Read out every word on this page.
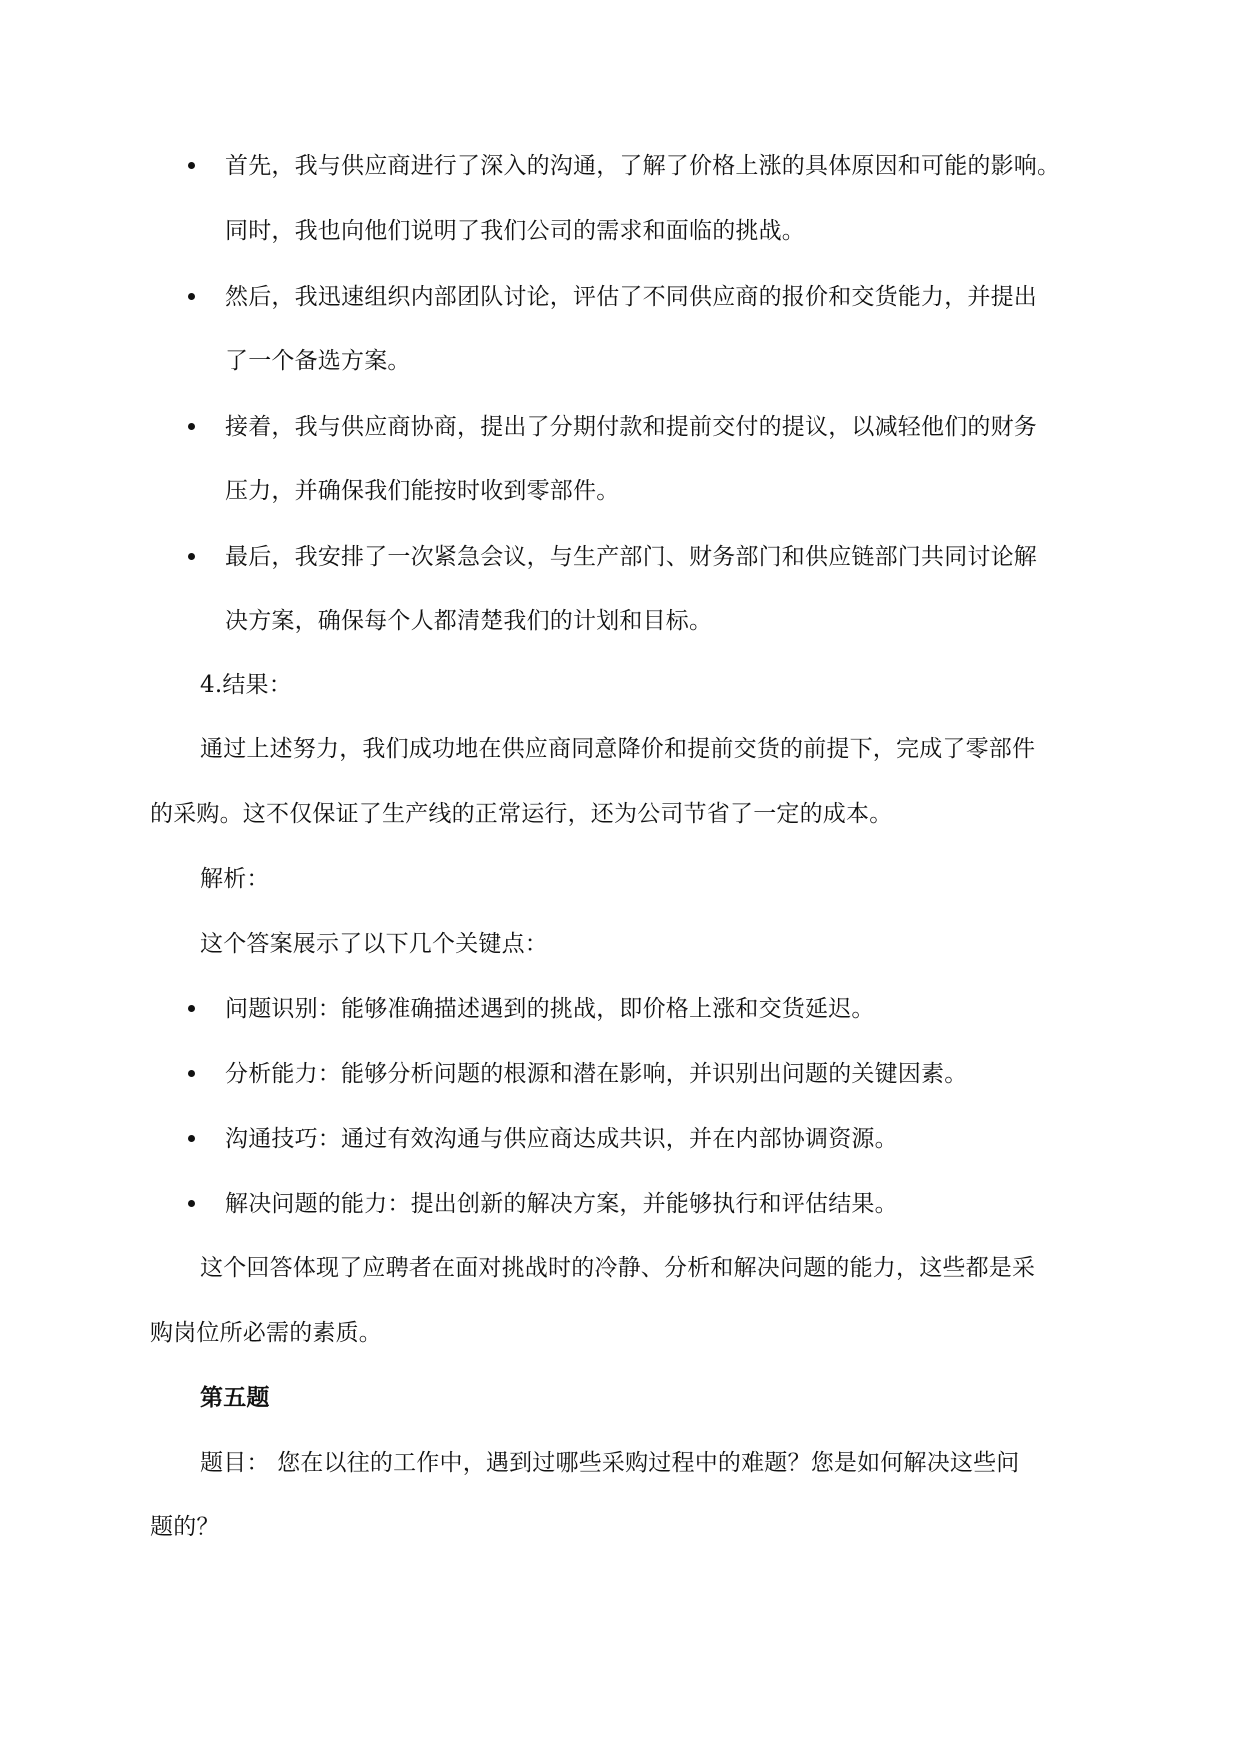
首先，我与供应商进行了深入的沟通，了解了价格上涨的具体原因和可能的影响。
同时，我也向他们说明了我们公司的需求和面临的挑战。
然后，我迅速组织内部团队讨论，评估了不同供应商的报价和交货能力，并提出
了一个备选方案。
接着，我与供应商协商，提出了分期付款和提前交付的提议，以减轻他们的财务
压力，并确保我们能按时收到零部件。
最后，我安排了一次紧急会议，与生产部门、财务部门和供应链部门共同讨论解
决方案，确保每个人都清楚我们的计划和目标。
4.结果：
通过上述努力，我们成功地在供应商同意降价和提前交货的前提下，完成了零部件
的采购。这不仅保证了生产线的正常运行，还为公司节省了一定的成本。
解析：
这个答案展示了以下几个关键点：
问题识别：能够准确描述遇到的挑战，即价格上涨和交货延迟。
分析能力：能够分析问题的根源和潜在影响，并识别出问题的关键因素。
沟通技巧：通过有效沟通与供应商达成共识，并在内部协调资源。
解决问题的能力：提出创新的解决方案，并能够执行和评估结果。
这个回答体现了应聘者在面对挑战时的冷静、分析和解决问题的能力，这些都是采
购岗位所必需的素质。
第五题
题目： 您在以往的工作中，遇到过哪些采购过程中的难题？您是如何解决这些问
题的？
